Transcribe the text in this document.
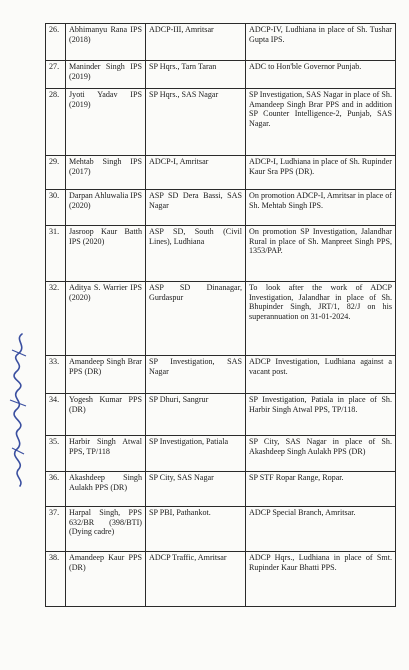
26.	Abhimanyu Rana IPS (2018)	ADCP-III, Amritsar	ADCP-IV, Ludhiana in place of Sh. Tushar Gupta IPS.
27.	Maninder Singh IPS (2019)	SP Hqrs., Tarn Taran	ADC to Hon'ble Governor Punjab.
28.	Jyoti Yadav IPS (2019)	SP Hqrs., SAS Nagar	SP Investigation, SAS Nagar in place of Sh. Amandeep Singh Brar PPS and in addition SP Counter Intelligence-2, Punjab, SAS Nagar.
29.	Mehtab Singh IPS (2017)	ADCP-I, Amritsar	ADCP-I, Ludhiana in place of Sh. Rupinder Kaur Sra PPS (DR).
30.	Darpan Ahluwalia IPS (2020)	ASP SD Dera Bassi, SAS Nagar	On promotion ADCP-I, Amritsar in place of Sh. Mehtab Singh IPS.
31.	Jasroop Kaur Batth IPS (2020)	ASP SD, South (Civil Lines), Ludhiana	On promotion SP Investigation, Jalandhar Rural in place of Sh. Manpreet Singh PPS, 1353/PAP.
32.	Aditya S. Warrier IPS (2020)	ASP SD Dinanagar, Gurdaspur	To look after the work of ADCP Investigation, Jalandhar in place of Sh. Bhupinder Singh, JRT/1, 82/J on his superannuation on 31-01-2024.
33.	Amandeep Singh Brar PPS (DR)	SP Investigation, SAS Nagar	ADCP Investigation, Ludhiana against a vacant post.
34.	Yogesh Kumar PPS (DR)	SP Dhuri, Sangrur	SP Investigation, Patiala in place of Sh. Harbir Singh Atwal PPS, TP/118.
35.	Harbir Singh Atwal PPS, TP/118	SP Investigation, Patiala	SP City, SAS Nagar in place of Sh. Akashdeep Singh Aulakh PPS (DR)
36.	Akashdeep Singh Aulakh PPS (DR)	SP City, SAS Nagar	SP STF Ropar Range, Ropar.
37.	Harpal Singh, PPS 632/BR (398/BTI) (Dying cadre)	SP PBI, Pathankot.	ADCP Special Branch, Amritsar.
38.	Amandeep Kaur PPS (DR)	ADCP Traffic, Amritsar	ADCP Hqrs., Ludhiana in place of Smt. Rupinder Kaur Bhatti PPS.
